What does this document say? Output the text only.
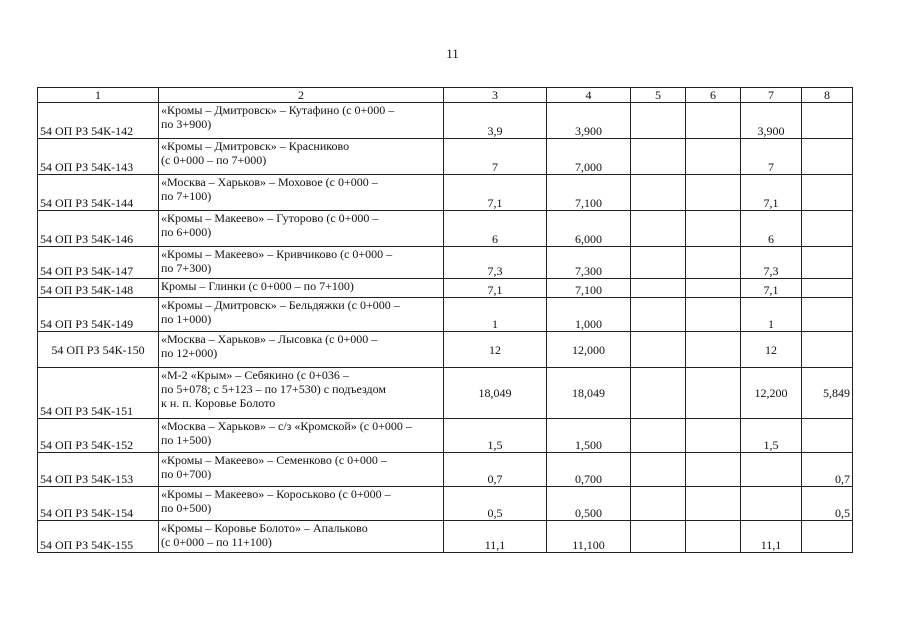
11
1	2	3	4	5	6	7	8
54 ОП РЗ 54К-142	«Кромы – Дмитровск» – Кутафино (с 0+000 –
по 3+900)	3,9	3,900			3,900	
54 ОП РЗ 54К-143	«Кромы – Дмитровск» – Красниково
(с 0+000 – по 7+000)	7	7,000			7	
54 ОП РЗ 54К-144	«Москва – Харьков» – Моховое (с 0+000 –
по 7+100)	7,1	7,100			7,1	
54 ОП РЗ 54К-146	«Кромы – Макеево» – Гуторово (с 0+000 –
по 6+000)	6	6,000			6	
54 ОП РЗ 54К-147	«Кромы – Макеево» – Кривчиково (с 0+000 –
по 7+300)	7,3	7,300			7,3	
54 ОП РЗ 54К-148	Кромы – Глинки (с 0+000 – по 7+100)	7,1	7,100			7,1	
54 ОП РЗ 54К-149	«Кромы – Дмитровск» – Бельдяжки (с 0+000 –
по 1+000)	1	1,000			1	
54 ОП РЗ 54К-150	«Москва – Харьков» – Лысовка (с 0+000 –
по 12+000)	12	12,000			12	
54 ОП РЗ 54К-151	«М-2 «Крым» – Себякино (с 0+036 –
по 5+078; с 5+123 – по 17+530) с подъездом
к н. п. Коровье Болото	18,049	18,049			12,200	5,849
54 ОП РЗ 54К-152	«Москва – Харьков» – с/з «Кромской» (с 0+000 –
по 1+500)	1,5	1,500			1,5	
54 ОП РЗ 54К-153	«Кромы – Макеево» – Семенково (с 0+000 –
по 0+700)	0,7	0,700				0,7
54 ОП РЗ 54К-154	«Кромы – Макеево» – Короськово (с 0+000 –
по 0+500)	0,5	0,500				0,5
54 ОП РЗ 54К-155	«Кромы – Коровье Болото» – Апальково
(с 0+000 – по 11+100)	11,1	11,100			11,1	
